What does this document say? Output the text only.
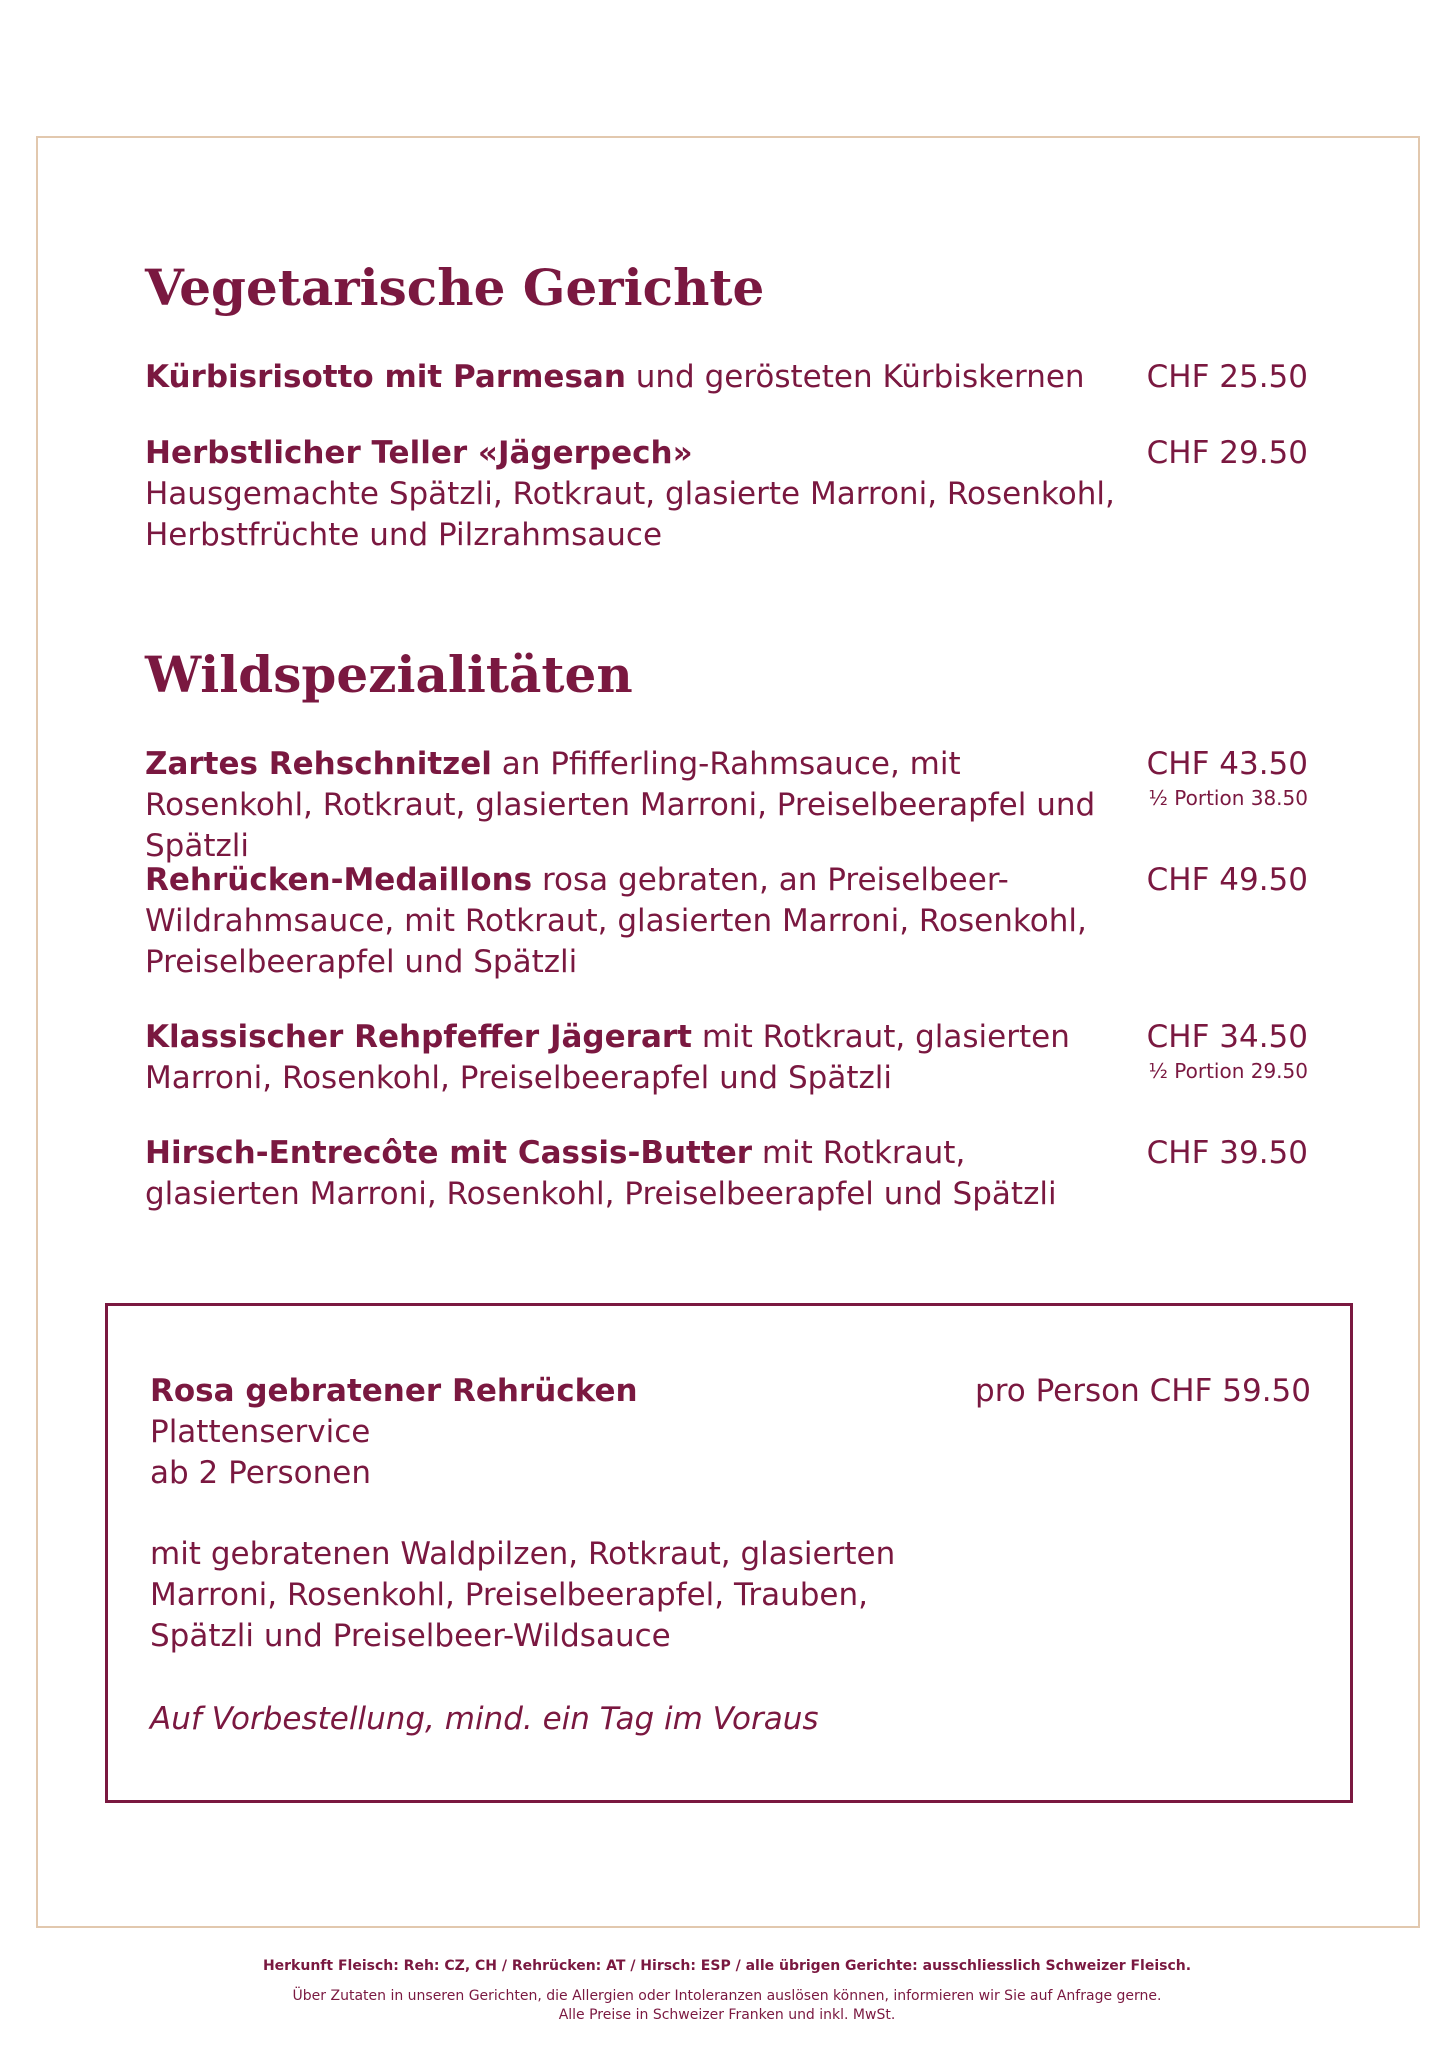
Vegetarische Gerichte
Kürbisrisotto mit Parmesan und gerösteten Kürbiskernen	CHF 25.50
Herbstlicher Teller «Jägerpech»
Hausgemachte Spätzli, Rotkraut, glasierte Marroni, Rosenkohl,
Herbstfrüchte und Pilzrahmsauce
CHF 29.50
Wildspezialitäten
Zartes Rehschnitzel an Pfifferling-Rahmsauce, mit Rosenkohl, Rotkraut, glasierten Marroni, Preiselbeerapfel und Spätzli
CHF 43.50
½ Portion 38.50
Rehrücken-Medaillons rosa gebraten, an Preiselbeer-Wildrahmsauce, mit Rotkraut, glasierten Marroni, Rosenkohl, Preiselbeerapfel und Spätzli
CHF 49.50
Klassischer Rehpfeffer Jägerart mit Rotkraut, glasierten Marroni, Rosenkohl, Preiselbeerapfel und Spätzli
CHF 34.50
½ Portion 29.50
Hirsch-Entrecôte mit Cassis-Butter mit Rotkraut, glasierten Marroni, Rosenkohl, Preiselbeerapfel und Spätzli
CHF 39.50
Rosa gebratener Rehrücken
Plattenservice
ab 2 Personen
pro Person CHF 59.50
mit gebratenen Waldpilzen, Rotkraut, glasierten Marroni, Rosenkohl, Preiselbeerapfel, Trauben, Spätzli und Preiselbeer-Wildsauce
Auf Vorbestellung, mind. ein Tag im Voraus
Herkunft Fleisch: Reh: CZ, CH / Rehrücken: AT / Hirsch: ESP / alle übrigen Gerichte: ausschliesslich Schweizer Fleisch.
Über Zutaten in unseren Gerichten, die Allergien oder Intoleranzen auslösen können, informieren wir Sie auf Anfrage gerne.
Alle Preise in Schweizer Franken und inkl. MwSt.
